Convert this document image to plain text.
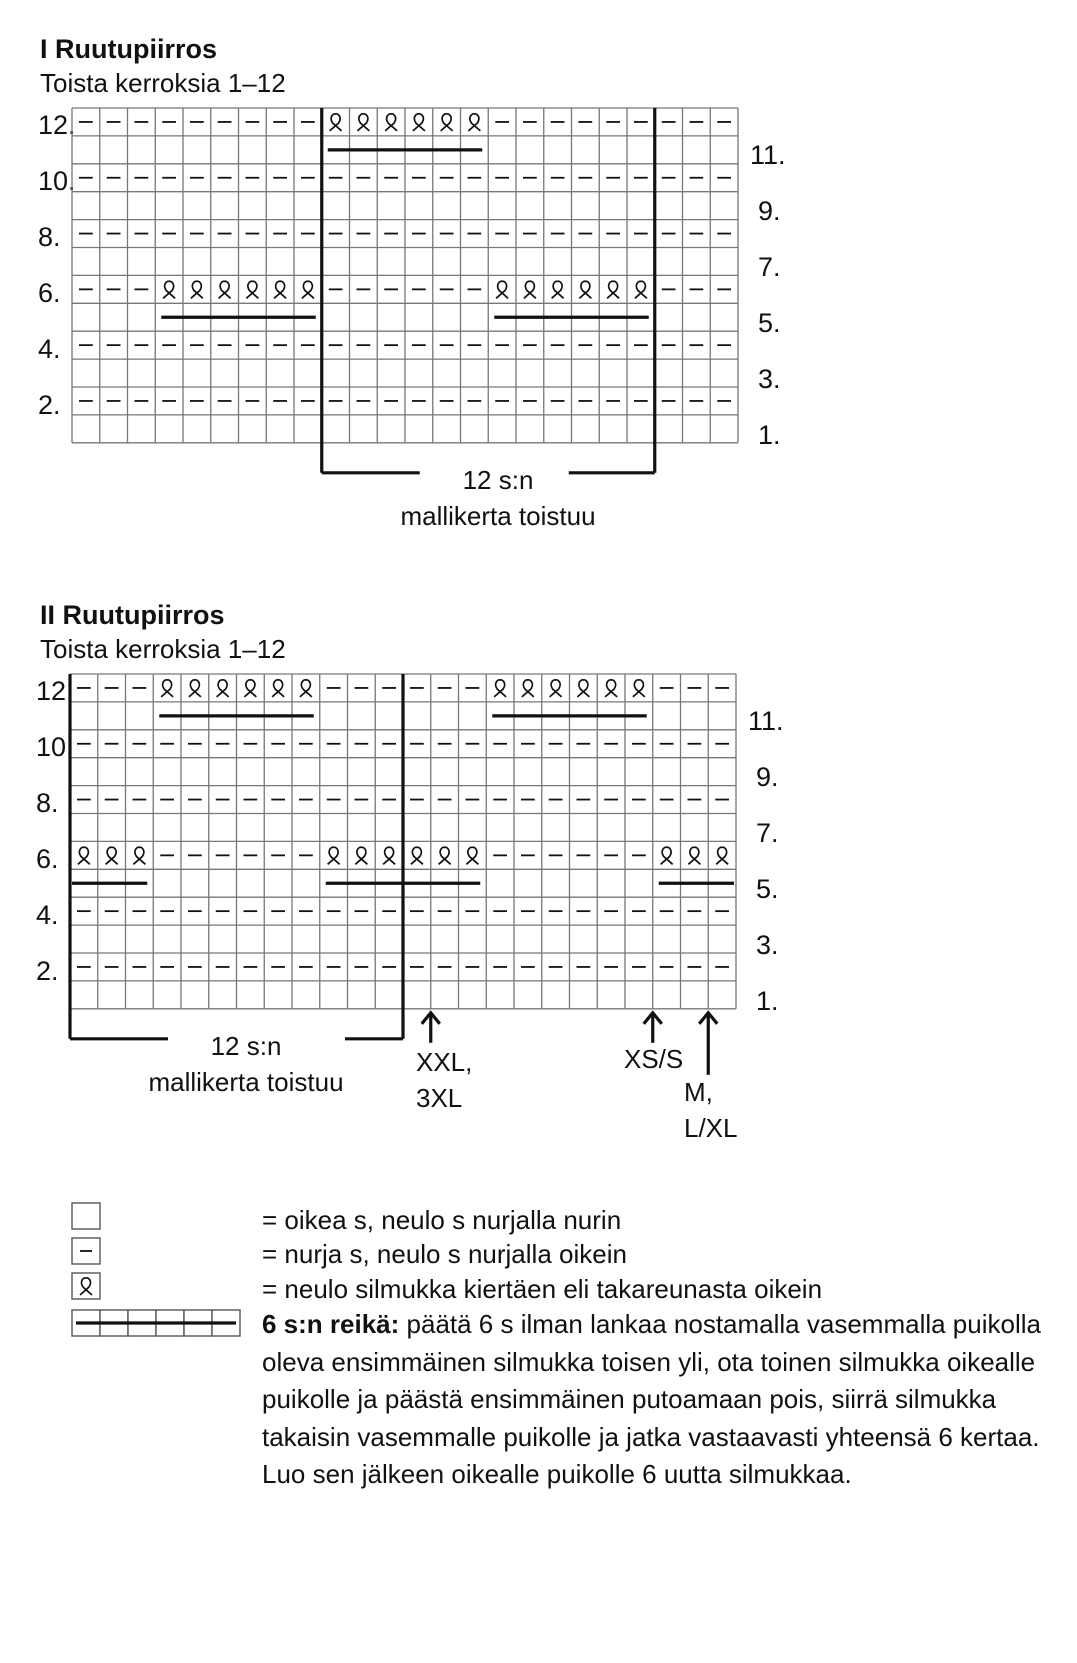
I Ruutupiirros
Toista kerroksia 1‒12
12.
10.
8.
6.
4.
2.
11.
9.
7.
5.
3.
1.
12 s:n
mallikerta toistuu
II Ruutupiirros
Toista kerroksia 1‒12
12.
10.
8.
6.
4.
2.
11.
9.
7.
5.
3.
1.
12 s:n
mallikerta toistuu
XXL,
3XL
XS/S
M,
L/XL
= oikea s, neulo s nurjalla nurin
= nurja s, neulo s nurjalla oikein
= neulo silmukka kiertäen eli takareunasta oikein
6 s:n reikä: päätä 6 s ilman lankaa nostamalla vasemmalla puikolla oleva ensimmäinen silmukka toisen yli, ota toinen silmukka oikealle puikolle ja päästä ensimmäinen putoamaan pois, siirrä silmukka takaisin vasemmalle puikolle ja jatka vastaavasti yhteensä 6 kertaa. Luo sen jälkeen oikealle puikolle 6 uutta silmukkaa.
